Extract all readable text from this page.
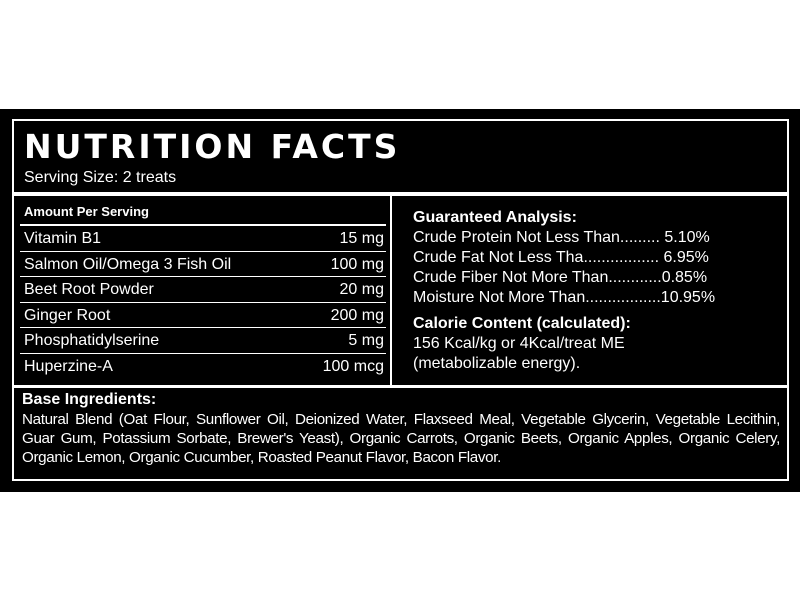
NUTRITION FACTS
Serving Size: 2 treats
Amount Per Serving
Vitamin B1	15 mg
Salmon Oil/Omega 3 Fish Oil	100 mg
Beet Root Powder	20 mg
Ginger Root	200 mg
Phosphatidylserine	5 mg
Huperzine-A	100 mcg
Guaranteed Analysis:
Crude Protein Not Less Than......... 5.10%
Crude Fat Not Less Tha................. 6.95%
Crude Fiber Not More Than............0.85%
Moisture Not More Than.................10.95%
Calorie Content (calculated):
156 Kcal/kg or 4Kcal/treat ME (metabolizable energy).
Base Ingredients:
Natural Blend (Oat Flour, Sunflower Oil, Deionized Water, Flaxseed Meal, Vegetable Glycerin, Vegetable Lecithin, Guar Gum, Potassium Sorbate, Brewer's Yeast), Organic Carrots, Organic Beets, Organic Apples, Organic Celery, Organic Lemon, Organic Cucumber, Roasted Peanut Flavor, Bacon Flavor.
